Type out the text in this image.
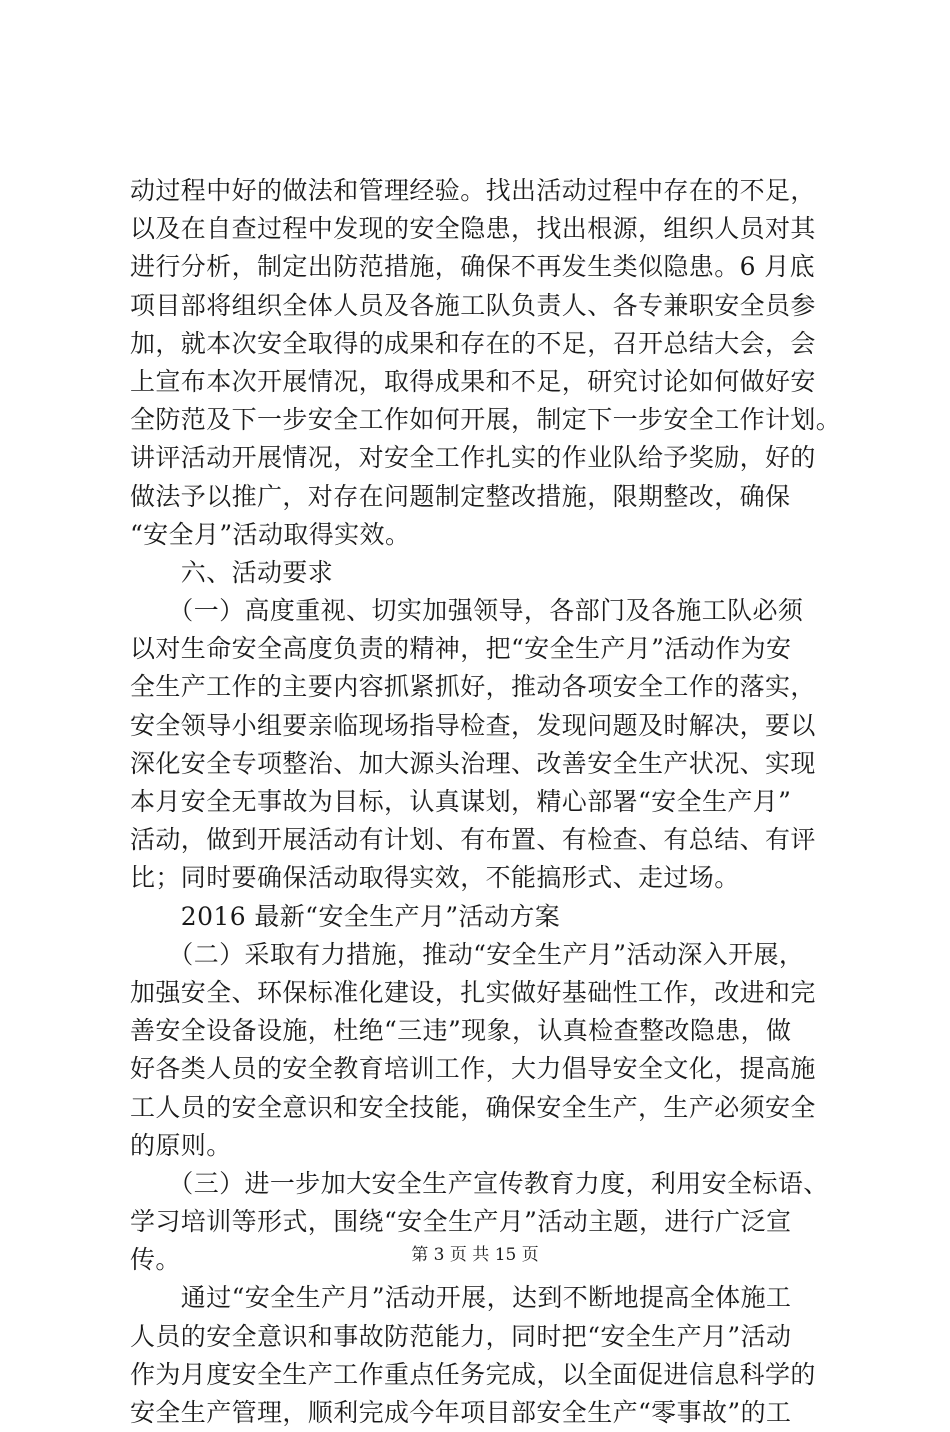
动过程中好的做法和管理经验。找出活动过程中存在的不足，
以及在自查过程中发现的安全隐患，找出根源，组织人员对其
进行分析，制定出防范措施，确保不再发生类似隐患。6 月底
项目部将组织全体人员及各施工队负责人、各专兼职安全员参
加，就本次安全取得的成果和存在的不足，召开总结大会，会
上宣布本次开展情况，取得成果和不足，研究讨论如何做好安
全防范及下一步安全工作如何开展，制定下一步安全工作计划。
讲评活动开展情况，对安全工作扎实的作业队给予奖励，好的
做法予以推广，对存在问题制定整改措施，限期整改，确保
“安全月”活动取得实效。
　　六、活动要求
　　（一）高度重视、切实加强领导，各部门及各施工队必须
以对生命安全高度负责的精神，把“安全生产月”活动作为安
全生产工作的主要内容抓紧抓好，推动各项安全工作的落实，
安全领导小组要亲临现场指导检查，发现问题及时解决，要以
深化安全专项整治、加大源头治理、改善安全生产状况、实现
本月安全无事故为目标，认真谋划，精心部署“安全生产月”
活动，做到开展活动有计划、有布置、有检查、有总结、有评
比；同时要确保活动取得实效，不能搞形式、走过场。
　　2016 最新“安全生产月”活动方案
　　（二）采取有力措施，推动“安全生产月”活动深入开展，
加强安全、环保标准化建设，扎实做好基础性工作，改进和完
善安全设备设施，杜绝“三违”现象，认真检查整改隐患，做
好各类人员的安全教育培训工作，大力倡导安全文化，提高施
工人员的安全意识和安全技能，确保安全生产，生产必须安全
的原则。
　　（三）进一步加大安全生产宣传教育力度，利用安全标语、
学习培训等形式，围绕“安全生产月”活动主题，进行广泛宣
传。
　　通过“安全生产月”活动开展，达到不断地提高全体施工
人员的安全意识和事故防范能力，同时把“安全生产月”活动
作为月度安全生产工作重点任务完成，以全面促进信息科学的
安全生产管理，顺利完成今年项目部安全生产“零事故”的工
第 3 页 共 15 页
